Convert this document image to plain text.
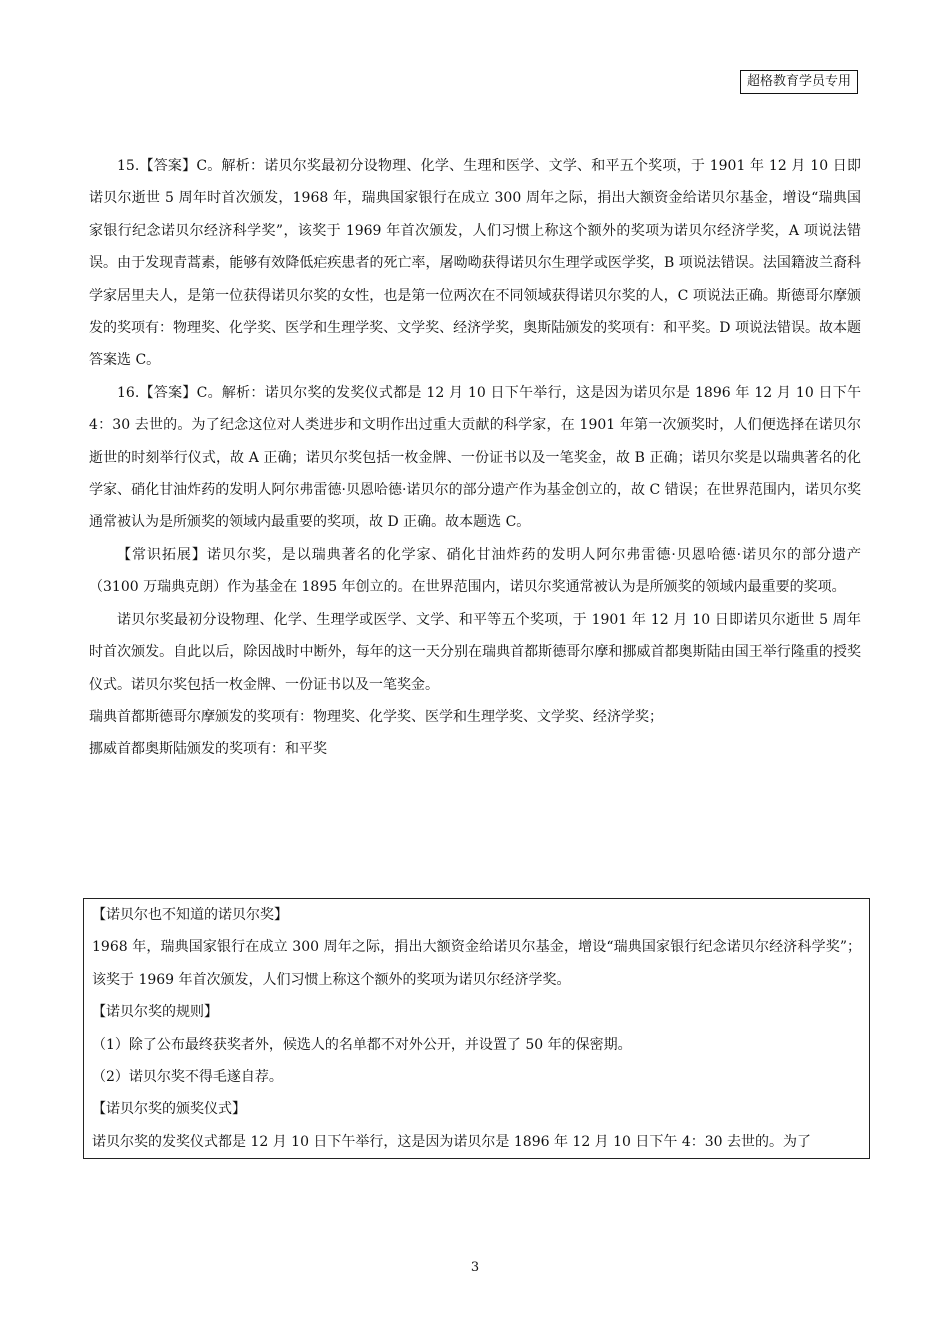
超格教育学员专用

15.【答案】C。解析：诺贝尔奖最初分设物理、化学、生理和医学、文学、和平五个奖项，于 1901 年 12 月 10 日即诺贝尔逝世 5 周年时首次颁发，1968 年，瑞典国家银行在成立 300 周年之际，捐出大额资金给诺贝尔基金，增设“瑞典国家银行纪念诺贝尔经济科学奖”，该奖于 1969 年首次颁发，人们习惯上称这个额外的奖项为诺贝尔经济学奖，A 项说法错误。由于发现青蒿素，能够有效降低疟疾患者的死亡率，屠呦呦获得诺贝尔生理学或医学奖，B 项说法错误。法国籍波兰裔科学家居里夫人，是第一位获得诺贝尔奖的女性，也是第一位两次在不同领域获得诺贝尔奖的人，C 项说法正确。斯德哥尔摩颁发的奖项有：物理奖、化学奖、医学和生理学奖、文学奖、经济学奖，奥斯陆颁发的奖项有：和平奖。D 项说法错误。故本题答案选 C。

16.【答案】C。解析：诺贝尔奖的发奖仪式都是 12 月 10 日下午举行，这是因为诺贝尔是 1896 年 12 月 10 日下午 4：30 去世的。为了纪念这位对人类进步和文明作出过重大贡献的科学家，在 1901 年第一次颁奖时，人们便选择在诺贝尔逝世的时刻举行仪式，故 A 正确；诺贝尔奖包括一枚金牌、一份证书以及一笔奖金，故 B 正确；诺贝尔奖是以瑞典著名的化学家、硝化甘油炸药的发明人阿尔弗雷德·贝恩哈德·诺贝尔的部分遗产作为基金创立的，故 C 错误；在世界范围内，诺贝尔奖通常被认为是所颁奖的领域内最重要的奖项，故 D 正确。故本题选 C。

【常识拓展】诺贝尔奖，是以瑞典著名的化学家、硝化甘油炸药的发明人阿尔弗雷德·贝恩哈德·诺贝尔的部分遗产（3100 万瑞典克朗）作为基金在 1895 年创立的。在世界范围内，诺贝尔奖通常被认为是所颁奖的领域内最重要的奖项。

诺贝尔奖最初分设物理、化学、生理学或医学、文学、和平等五个奖项，于 1901 年 12 月 10 日即诺贝尔逝世 5 周年时首次颁发。自此以后，除因战时中断外，每年的这一天分别在瑞典首都斯德哥尔摩和挪威首都奥斯陆由国王举行隆重的授奖仪式。诺贝尔奖包括一枚金牌、一份证书以及一笔奖金。

瑞典首都斯德哥尔摩颁发的奖项有：物理奖、化学奖、医学和生理学奖、文学奖、经济学奖；

挪威首都奥斯陆颁发的奖项有：和平奖

【诺贝尔也不知道的诺贝尔奖】

1968 年，瑞典国家银行在成立 300 周年之际，捐出大额资金给诺贝尔基金，增设“瑞典国家银行纪念诺贝尔经济科学奖”； 该奖于 1969 年首次颁发，人们习惯上称这个额外的奖项为诺贝尔经济学奖。

【诺贝尔奖的规则】

（1）除了公布最终获奖者外，候选人的名单都不对外公开，并设置了 50 年的保密期。

（2）诺贝尔奖不得毛遂自荐。

【诺贝尔奖的颁奖仪式】

诺贝尔奖的发奖仪式都是 12 月 10 日下午举行，这是因为诺贝尔是 1896 年 12 月 10 日下午 4：30 去世的。为了

3
